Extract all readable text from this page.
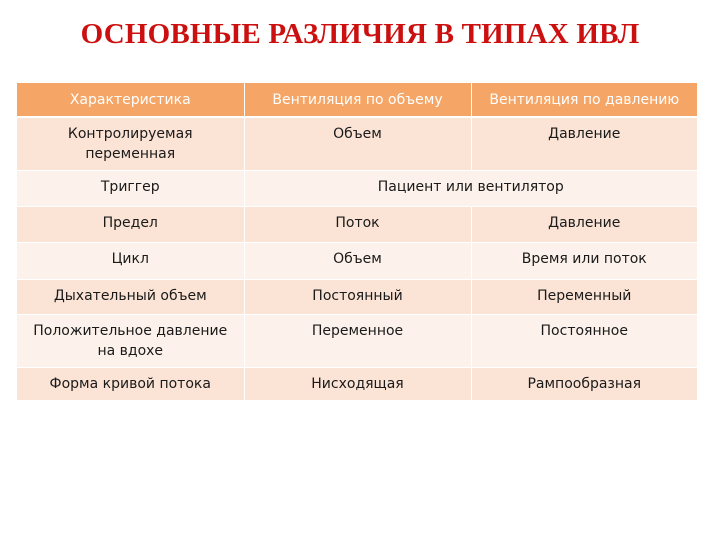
ОСНОВНЫЕ РАЗЛИЧИЯ В ТИПАХ ИВЛ
Характеристика	Вентиляция по объему	Вентиляция по давлению
Контролируемая переменная	Объем	Давление
Триггер	Пациент или вентилятор	
Предел	Поток	Давление
Цикл	Объем	Время или поток
Дыхательный объем	Постоянный	Переменный
Положительное давление на вдохе	Переменное	Постоянное
Форма кривой потока	Нисходящая	Рампообразная
